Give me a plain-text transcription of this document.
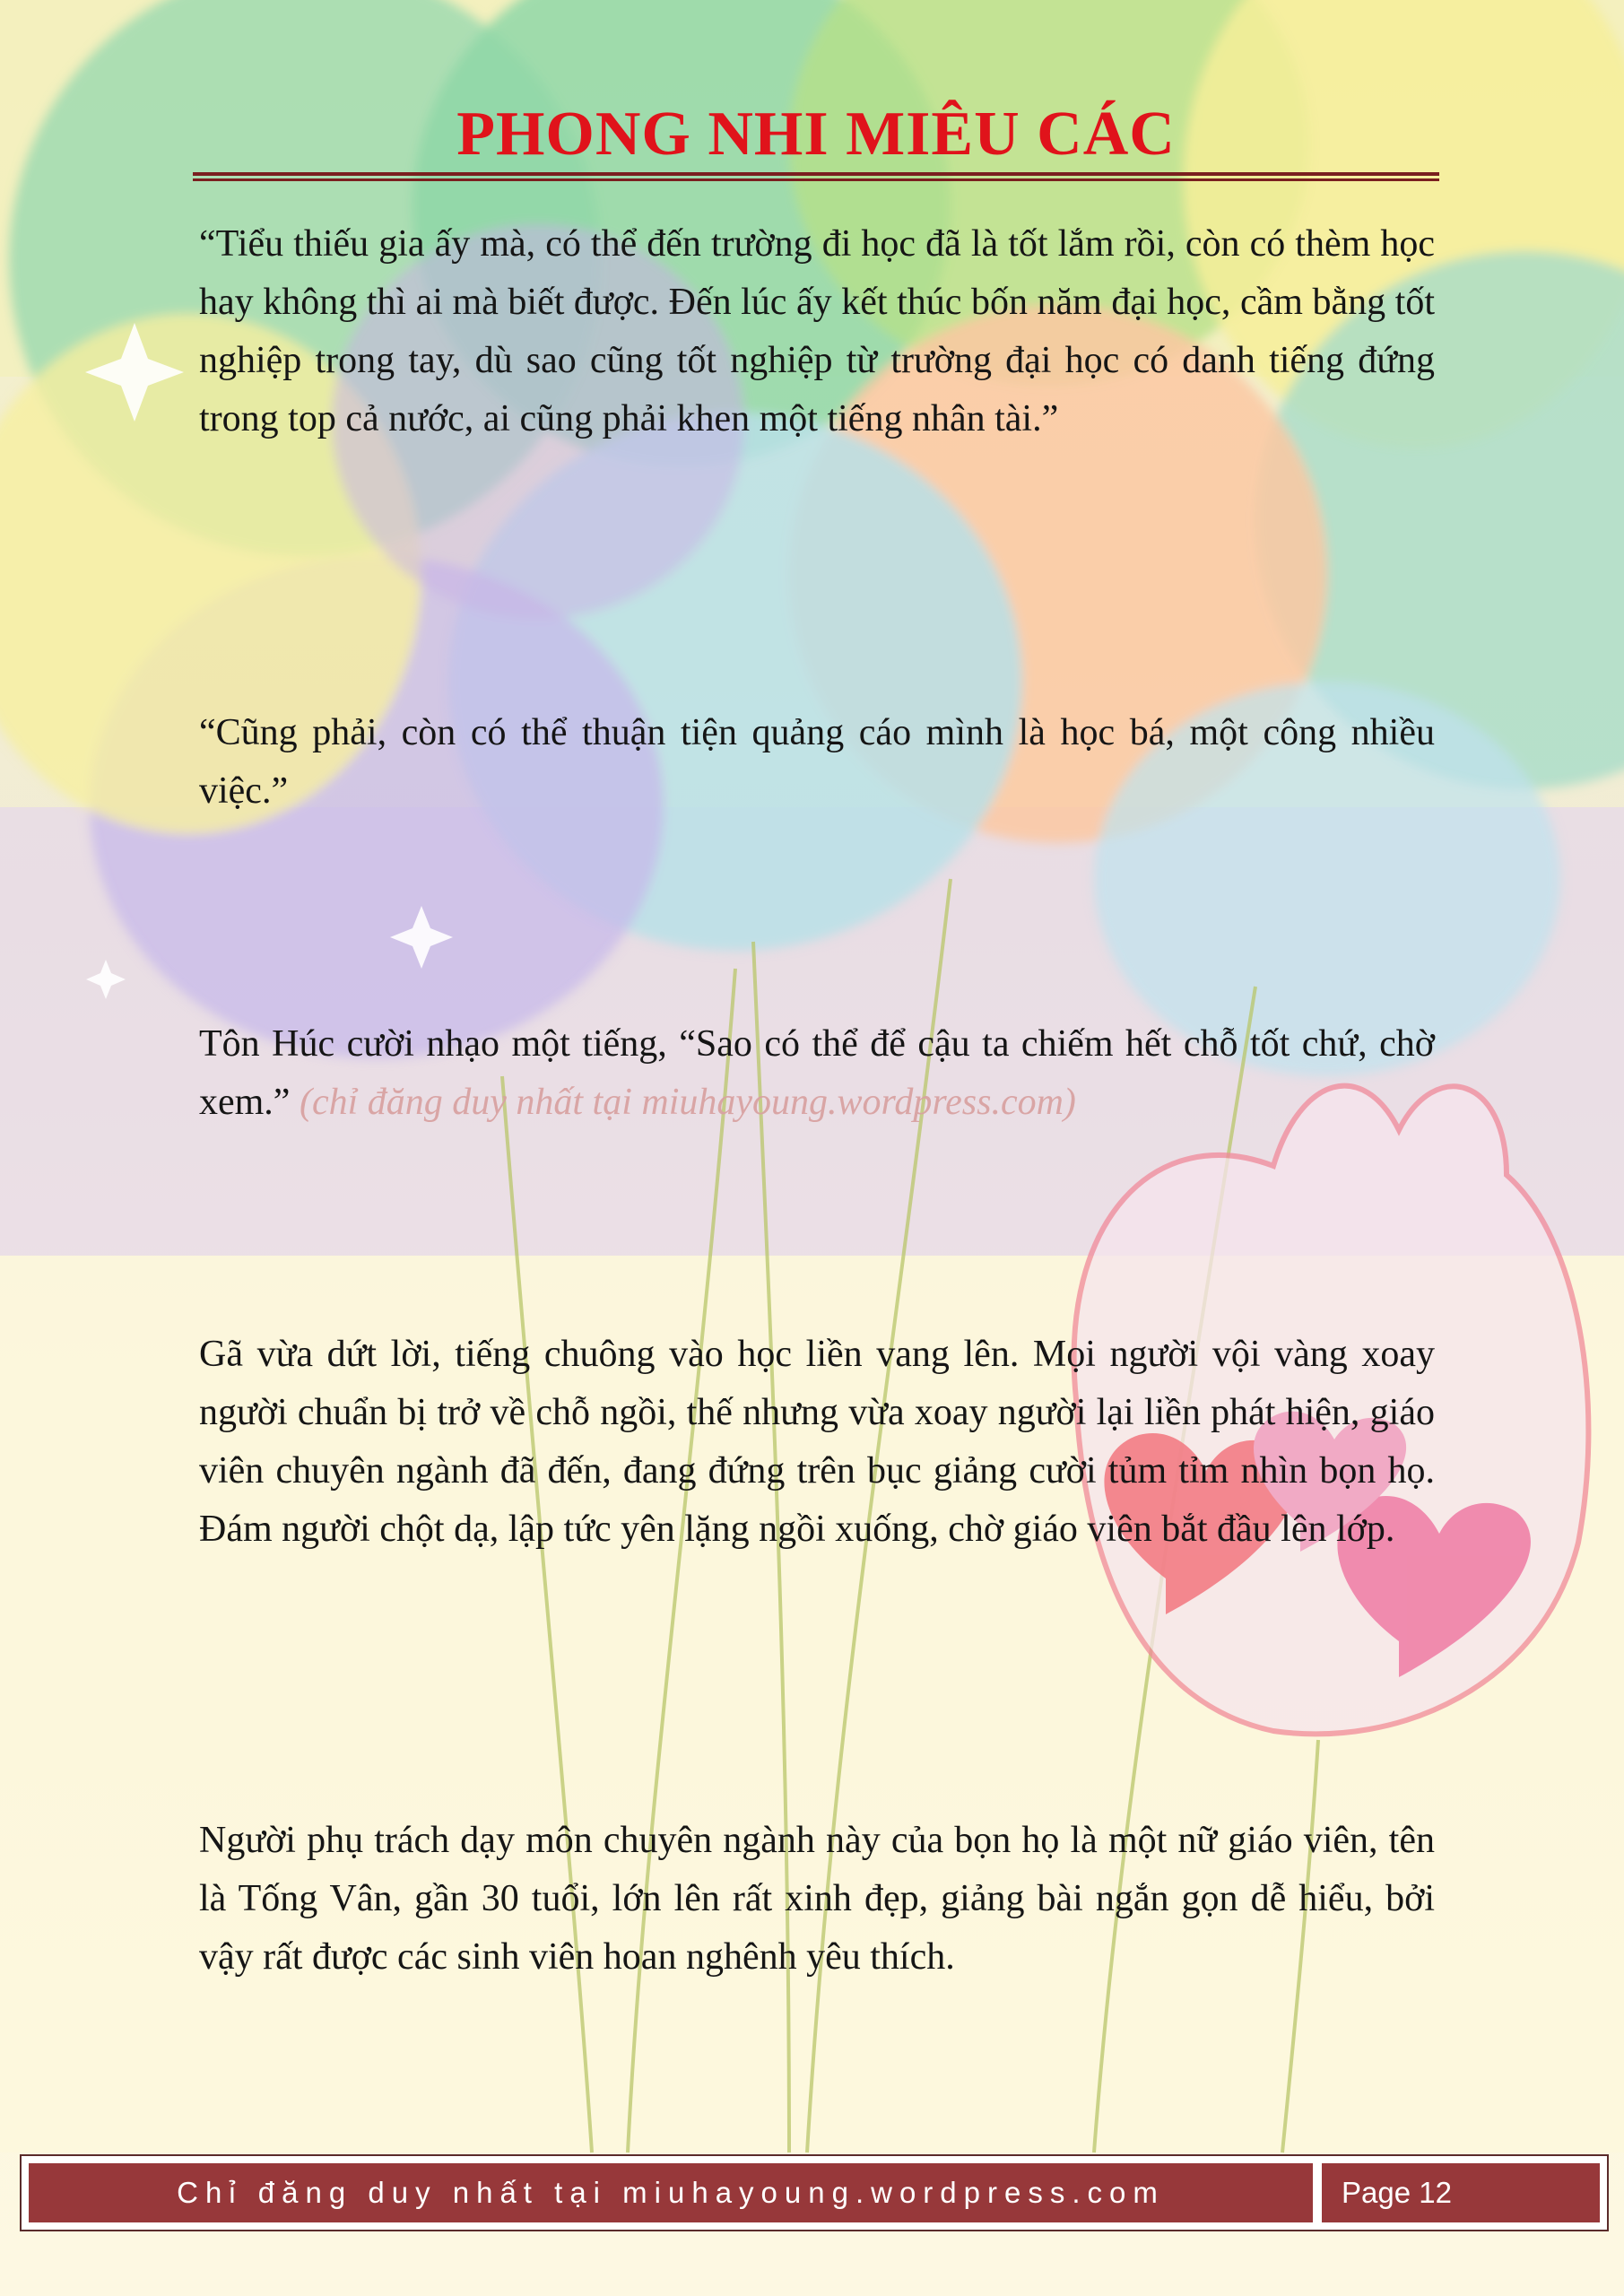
PHONG NHI MIÊU CÁC

“Tiểu thiếu gia ấy mà, có thể đến trường đi học đã là tốt lắm rồi, còn có thèm học hay không thì ai mà biết được. Đến lúc ấy kết thúc bốn năm đại học, cầm bằng tốt nghiệp trong tay, dù sao cũng tốt nghiệp từ trường đại học có danh tiếng đứng trong top cả nước, ai cũng phải khen một tiếng nhân tài.”

“Cũng phải, còn có thể thuận tiện quảng cáo mình là học bá, một công nhiều việc.”

Tôn Húc cười nhạo một tiếng, “Sao có thể để cậu ta chiếm hết chỗ tốt chứ, chờ xem.” (chỉ đăng duy nhất tại miuhayoung.wordpress.com)

Gã vừa dứt lời, tiếng chuông vào học liền vang lên. Mọi người vội vàng xoay người chuẩn bị trở về chỗ ngồi, thế nhưng vừa xoay người lại liền phát hiện, giáo viên chuyên ngành đã đến, đang đứng trên bục giảng cười tủm tỉm nhìn bọn họ. Đám người chột dạ, lập tức yên lặng ngồi xuống, chờ giáo viên bắt đầu lên lớp.

Người phụ trách dạy môn chuyên ngành này của bọn họ là một nữ giáo viên, tên là Tống Vân, gần 30 tuổi, lớn lên rất xinh đẹp, giảng bài ngắn gọn dễ hiểu, bởi vậy rất được các sinh viên hoan nghênh yêu thích.

Chỉ đăng duy nhất tại miuhayoung.wordpress.com	Page 12
